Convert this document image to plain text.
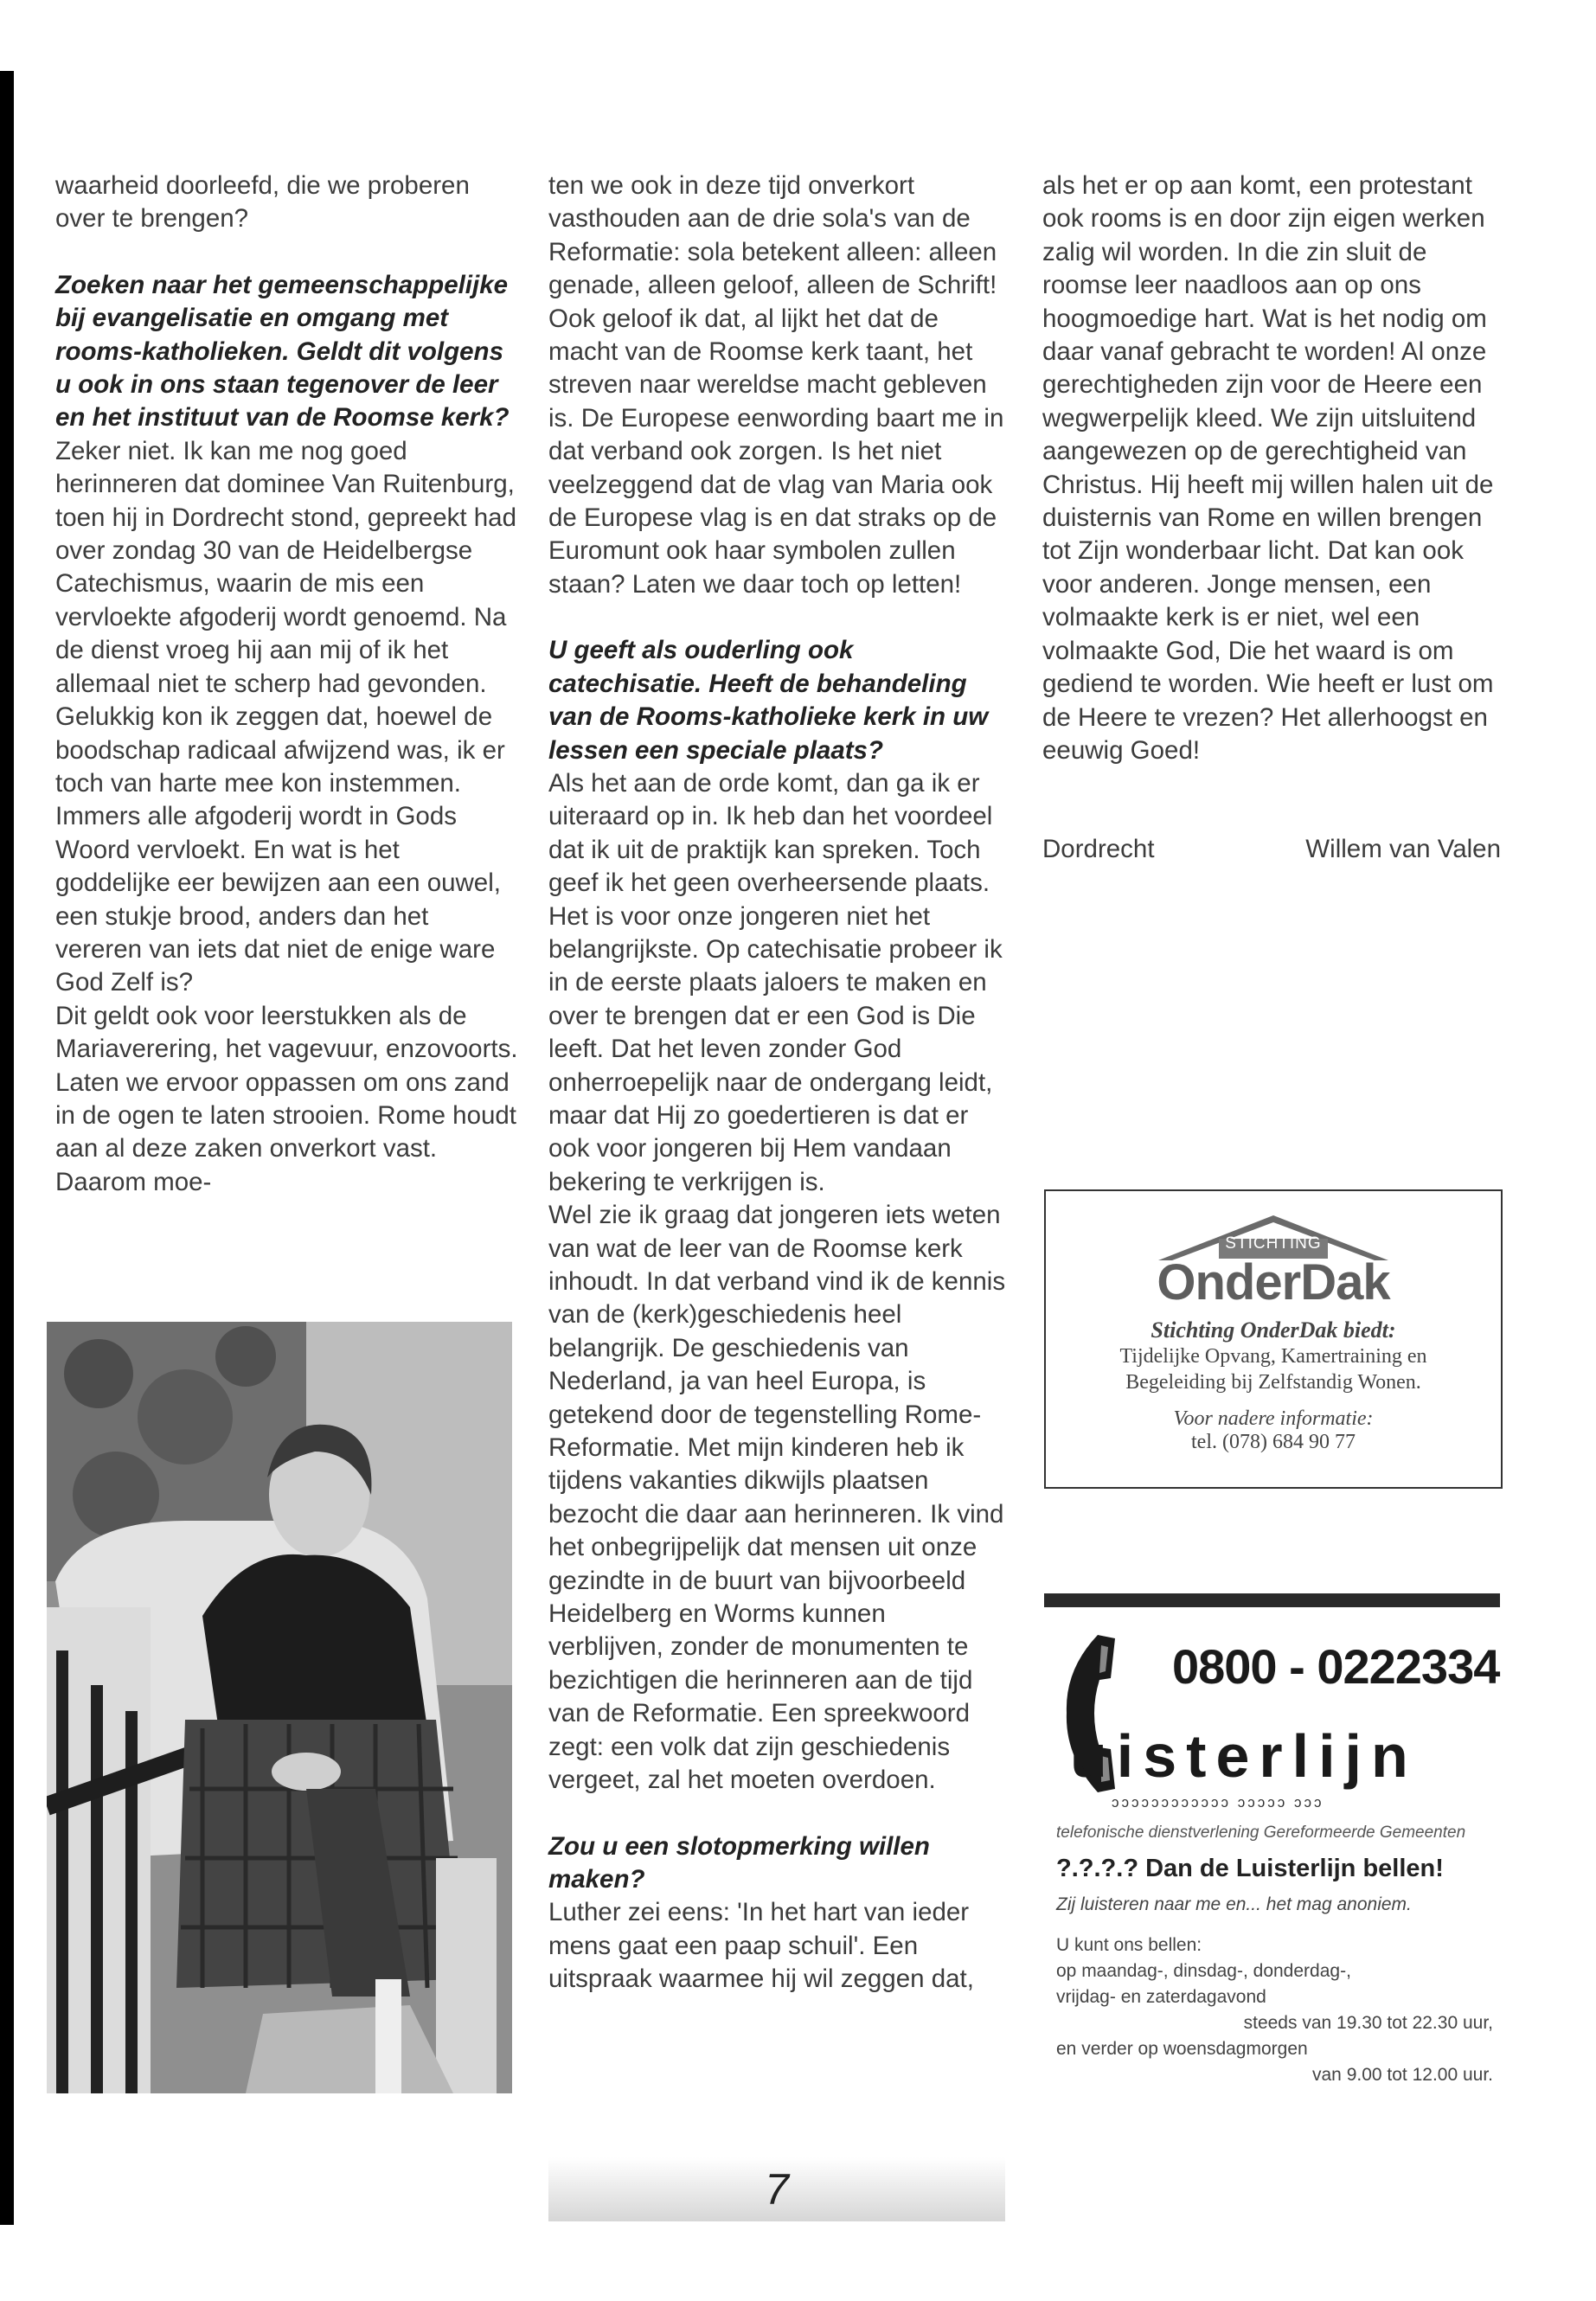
waarheid doorleefd, die we proberen over te brengen?

Zoeken naar het gemeenschappelijke bij evangelisatie en omgang met rooms-katholieken. Geldt dit volgens u ook in ons staan tegenover de leer en het instituut van de Roomse kerk?

Zeker niet. Ik kan me nog goed herinneren dat dominee Van Ruitenburg, toen hij in Dordrecht stond, gepreekt had over zondag 30 van de Heidelbergse Catechismus, waarin de mis een vervloekte afgoderij wordt genoemd. Na de dienst vroeg hij aan mij of ik het allemaal niet te scherp had gevonden. Gelukkig kon ik zeggen dat, hoewel de boodschap radicaal afwijzend was, ik er toch van harte mee kon instemmen. Immers alle afgoderij wordt in Gods Woord vervloekt. En wat is het goddelijke eer bewijzen aan een ouwel, een stukje brood, anders dan het vereren van iets dat niet de enige ware God Zelf is?

Dit geldt ook voor leerstukken als de Mariaverering, het vagevuur, enzovoorts. Laten we ervoor oppassen om ons zand in de ogen te laten strooien. Rome houdt aan al deze zaken onverkort vast. Daarom moe-

ten we ook in deze tijd onverkort vasthouden aan de drie sola's van de Reformatie: sola betekent alleen: alleen genade, alleen geloof, alleen de Schrift!

Ook geloof ik dat, al lijkt het dat de macht van de Roomse kerk taant, het streven naar wereldse macht gebleven is. De Europese eenwording baart me in dat verband ook zorgen. Is het niet veelzeggend dat de vlag van Maria ook de Europese vlag is en dat straks op de Euromunt ook haar symbolen zullen staan? Laten we daar toch op letten!

U geeft als ouderling ook catechisatie. Heeft de behandeling van de Rooms-katholieke kerk in uw lessen een speciale plaats?

Als het aan de orde komt, dan ga ik er uiteraard op in. Ik heb dan het voordeel dat ik uit de praktijk kan spreken. Toch geef ik het geen overheersende plaats. Het is voor onze jongeren niet het belangrijkste. Op catechisatie probeer ik in de eerste plaats jaloers te maken en over te brengen dat er een God is Die leeft. Dat het leven zonder God onherroepelijk naar de ondergang leidt, maar dat Hij zo goedertieren is dat er ook voor jongeren bij Hem vandaan bekering te verkrijgen is.

Wel zie ik graag dat jongeren iets weten van wat de leer van de Roomse kerk inhoudt. In dat verband vind ik de kennis van de (kerk)geschiedenis heel belangrijk. De geschiedenis van Nederland, ja van heel Europa, is getekend door de tegenstelling Rome-Reformatie. Met mijn kinderen heb ik tijdens vakanties dikwijls plaatsen bezocht die daar aan herinneren. Ik vind het onbegrijpelijk dat mensen uit onze gezindte in de buurt van bijvoorbeeld Heidelberg en Worms kunnen verblijven, zonder de monumenten te bezichtigen die herinneren aan de tijd van de Reformatie. Een spreekwoord zegt: een volk dat zijn geschiedenis vergeet, zal het moeten overdoen.

Zou u een slotopmerking willen maken?

Luther zei eens: 'In het hart van ieder mens gaat een paap schuil'. Een uitspraak waarmee hij wil zeggen dat,

als het er op aan komt, een protestant ook rooms is en door zijn eigen werken zalig wil worden. In die zin sluit de roomse leer naadloos aan op ons hoogmoedige hart. Wat is het nodig om daar vanaf gebracht te worden! Al onze gerechtigheden zijn voor de Heere een wegwerpelijk kleed. We zijn uitsluitend aangewezen op de gerechtigheid van Christus. Hij heeft mij willen halen uit de duisternis van Rome en willen brengen tot Zijn wonderbaar licht. Dat kan ook voor anderen. Jonge mensen, een volmaakte kerk is er niet, wel een volmaakte God, Die het waard is om gediend te worden. Wie heeft er lust om de Heere te vrezen? Het allerhoogst en eeuwig Goed!

Dordrecht	Willem van Valen
STICHTING
OnderDak
Stichting OnderDak biedt:
Tijdelijke Opvang, Kamertraining en
Begeleiding bij Zelfstandig Wonen.
Voor nadere informatie:
tel. (078) 684 90 77
0800 - 0222334
uisterlijn
ɔɔɔɔɔɔɔɔɔɔɔɔ ɔɔɔɔɔ ɔɔɔ
telefonische dienstverlening Gereformeerde Gemeenten
?.?.?.? Dan de Luisterlijn bellen!
Zij luisteren naar me en... het mag anoniem.
U kunt ons bellen:
op maandag-, dinsdag-, donderdag-,
vrijdag- en zaterdagavond
steeds van 19.30 tot 22.30 uur,
en verder op woensdagmorgen
van 9.00 tot 12.00 uur.
7
